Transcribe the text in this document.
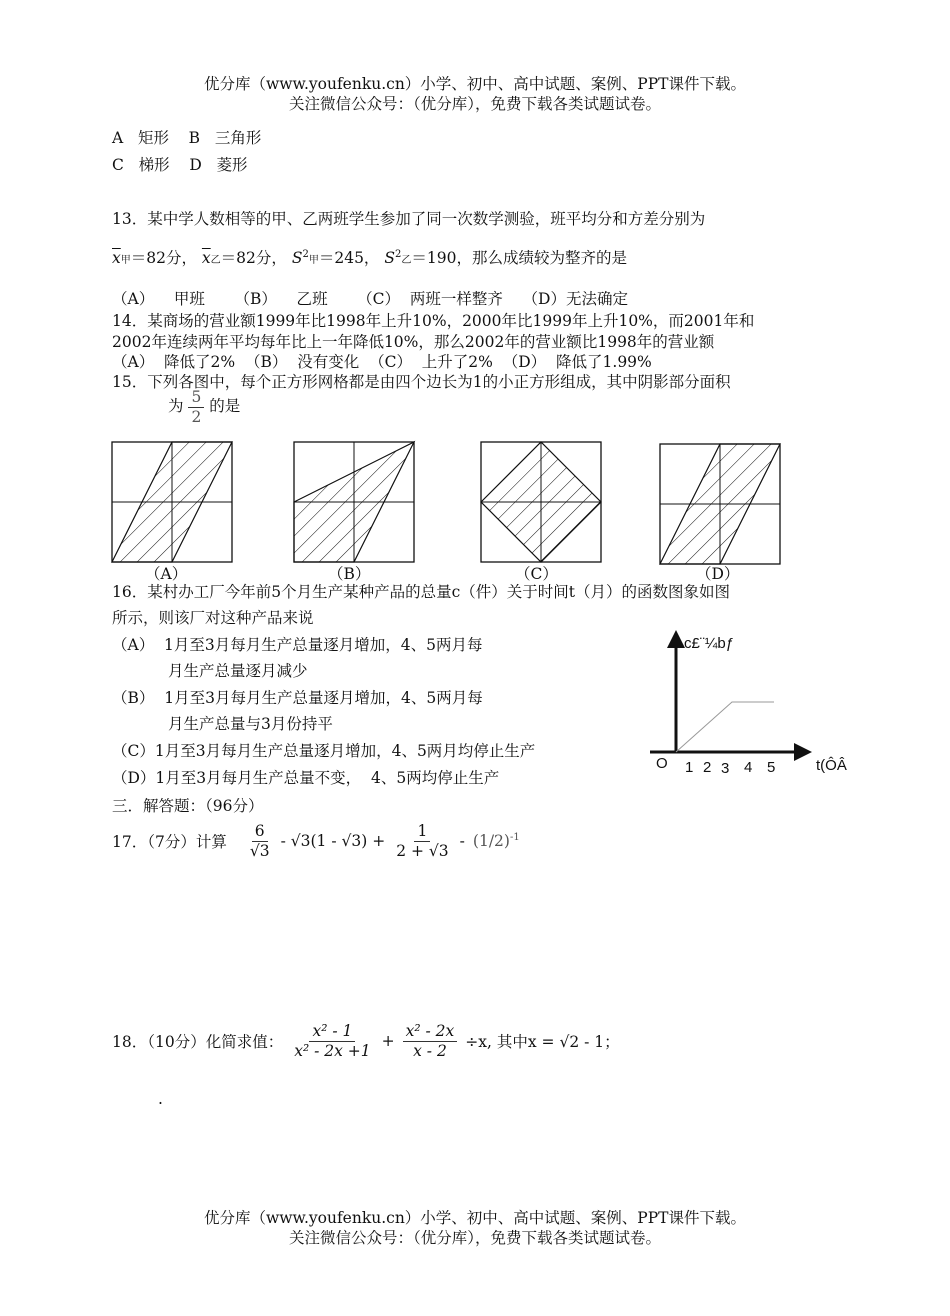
优分库（www.youfenku.cn）小学、初中、高中试题、案例、PPT课件下载。
关注微信公众号：（优分库），免费下载各类试题试卷。
A   矩形    B   三角形
C   梯形    D   菱形
13．某中学人数相等的甲、乙两班学生参加了同一次数学测验，班平均分和方差分别为
$\overline{x}$甲＝82分， $\overline{x}$乙＝82分， $S^2$甲＝245， $S^2$乙＝190，那么成绩较为整齐的是
（A）    甲班      （B）    乙班      （C）  两班一样整齐    （D）无法确定
14．某商场的营业额1999年比1998年上升10%，2000年比1999年上升10%，而2001年和
2002年连续两年平均每年比上一年降低10%，那么2002年的营业额比1998年的营业额
（A）  降低了2%  （B）  没有变化  （C）  上升了2%  （D）  降低了1.99%
15．下列各图中，每个正方形网格都是由四个边长为1的小正方形组成，其中阴影部分面积
为 $\frac{5}{2}$ 的是
（A）	（B）	（C）	（D）
16．某村办工厂今年前5个月生产某种产品的总量c（件）关于时间t（月）的函数图象如图
所示，则该厂对这种产品来说
（A）  1月至3月每月生产总量逐月增加，4、5两月每
月生产总量逐月减少
（B）  1月至3月每月生产总量逐月增加，4、5两月每
月生产总量与3月份持平
（C）1月至3月每月生产总量逐月增加，4、5两月均停止生产
（D）1月至3月每月生产总量不变，  4、5两均停止生产
c£¨¼bƒ
t(ÔÂ
O 1 2 3 4 5
三．解答题：（96分）
17．（7分）计算 $\frac{6}{√3} - √3(1 - √3) + \frac{1}{2 + √3} - (1/2)^{-1}$
18．（10分）化简求值： $\frac{\text{x² - 1}}{\text{x² - 2x +1}} + \frac{\text{x² - 2x}}{x - 2} \div x$, 其中x = √2 - 1；
.
优分库（www.youfenku.cn）小学、初中、高中试题、案例、PPT课件下载。
关注微信公众号：（优分库），免费下载各类试题试卷。
